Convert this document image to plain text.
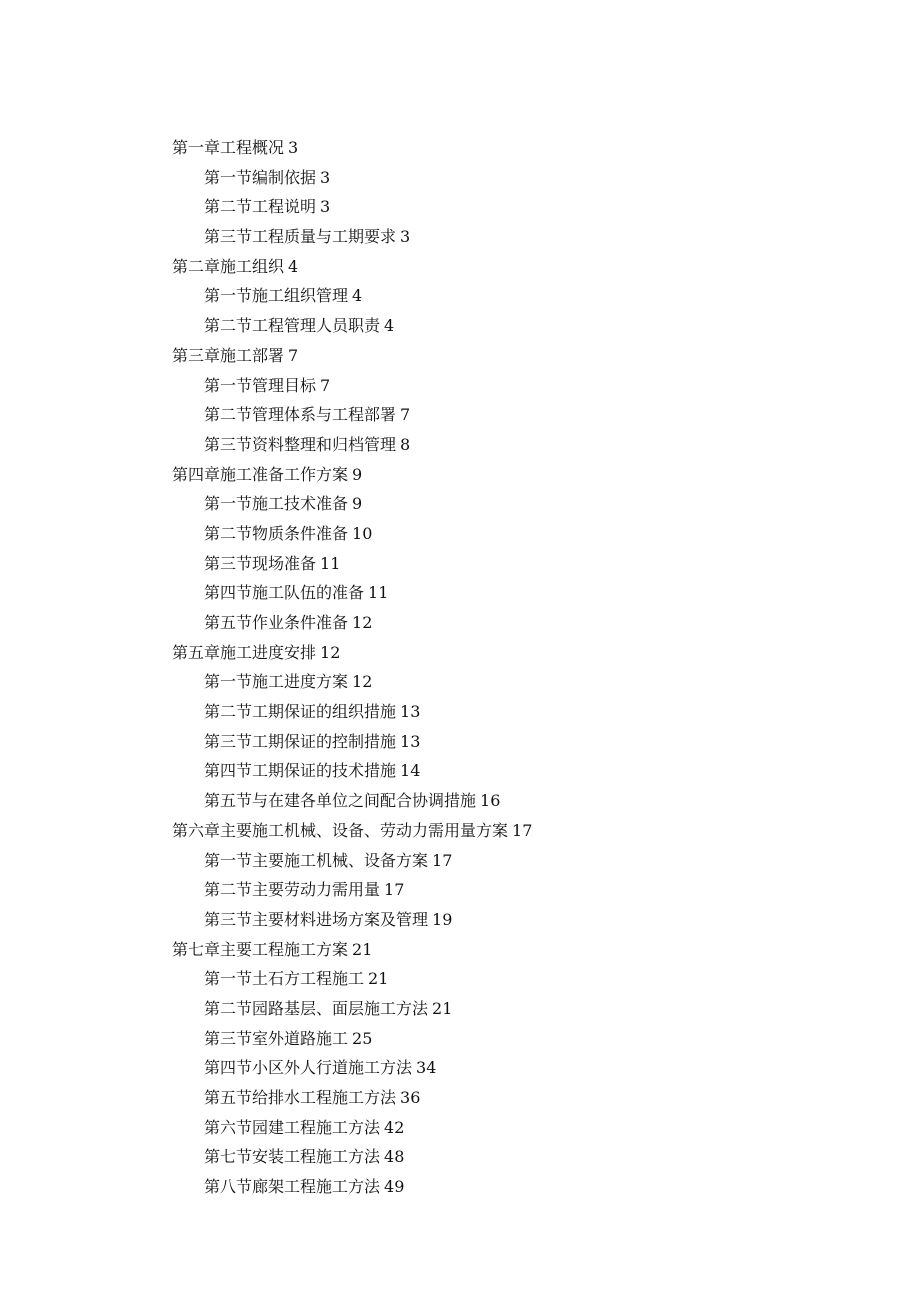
第一章工程概况 3
第一节编制依据 3
第二节工程说明 3
第三节工程质量与工期要求 3
第二章施工组织 4
第一节施工组织管理 4
第二节工程管理人员职责 4
第三章施工部署 7
第一节管理目标 7
第二节管理体系与工程部署 7
第三节资料整理和归档管理 8
第四章施工准备工作方案 9
第一节施工技术准备 9
第二节物质条件准备 10
第三节现场准备 11
第四节施工队伍的准备 11
第五节作业条件准备 12
第五章施工进度安排 12
第一节施工进度方案 12
第二节工期保证的组织措施 13
第三节工期保证的控制措施 13
第四节工期保证的技术措施 14
第五节与在建各单位之间配合协调措施 16
第六章主要施工机械、设备、劳动力需用量方案 17
第一节主要施工机械、设备方案 17
第二节主要劳动力需用量 17
第三节主要材料进场方案及管理 19
第七章主要工程施工方案 21
第一节土石方工程施工 21
第二节园路基层、面层施工方法 21
第三节室外道路施工 25
第四节小区外人行道施工方法 34
第五节给排水工程施工方法 36
第六节园建工程施工方法 42
第七节安装工程施工方法 48
第八节廊架工程施工方法 49
